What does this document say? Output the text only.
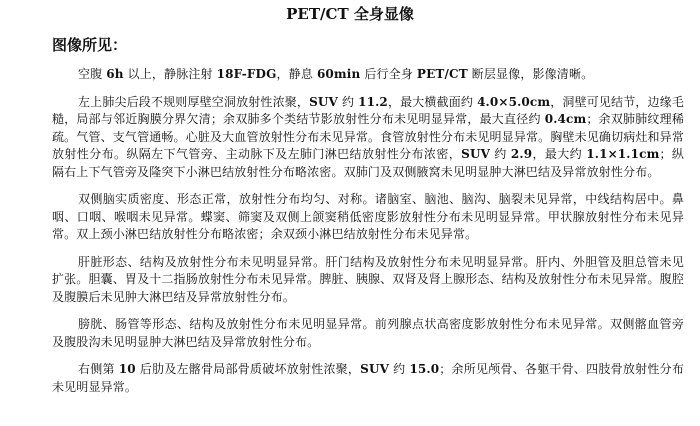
PET/CT 全身显像
图像所见：

空腹 6h 以上，静脉注射 18F-FDG，静息 60min 后行全身 PET/CT 断层显像，影像清晰。

左上肺尖后段不规则厚壁空洞放射性浓聚，SUV 约 11.2，最大横截面约 4.0×5.0cm，洞壁可见结节，边缘毛糙，局部与邻近胸膜分界欠清；余双肺多个类结节影放射性分布未见明显异常，最大直径约 0.4cm；余双肺肺纹理稀疏。气管、支气管通畅。心脏及大血管放射性分布未见异常。食管放射性分布未见明显异常。胸壁未见确切病灶和异常放射性分布。纵隔左下气管旁、主动脉下及左肺门淋巴结放射性分布浓密，SUV 约 2.9，最大约 1.1×1.1cm；纵隔右上下气管旁及隆突下小淋巴结放射性分布略浓密。双肺门及双侧腋窝未见明显肿大淋巴结及异常放射性分布。

双侧脑实质密度、形态正常，放射性分布均匀、对称。诸脑室、脑池、脑沟、脑裂未见异常，中线结构居中。鼻咽、口咽、喉咽未见异常。蝶窦、筛窦及双侧上颌窦稍低密度影放射性分布未见明显异常。甲状腺放射性分布未见异常。双上颈小淋巴结放射性分布略浓密；余双颈小淋巴结放射性分布未见异常。

肝脏形态、结构及放射性分布未见明显异常。肝门结构及放射性分布未见明显异常。肝内、外胆管及胆总管未见扩张。胆囊、胃及十二指肠放射性分布未见异常。脾脏、胰腺、双肾及肾上腺形态、结构及放射性分布未见异常。腹腔及腹膜后未见肿大淋巴结及异常放射性分布。

膀胱、肠管等形态、结构及放射性分布未见明显异常。前列腺点状高密度影放射性分布未见异常。双侧髂血管旁及腹股沟未见明显肿大淋巴结及异常放射性分布。

右侧第 10 后肋及左髂骨局部骨质破坏放射性浓聚，SUV 约 15.0；余所见颅骨、各躯干骨、四肢骨放射性分布未见明显异常。
